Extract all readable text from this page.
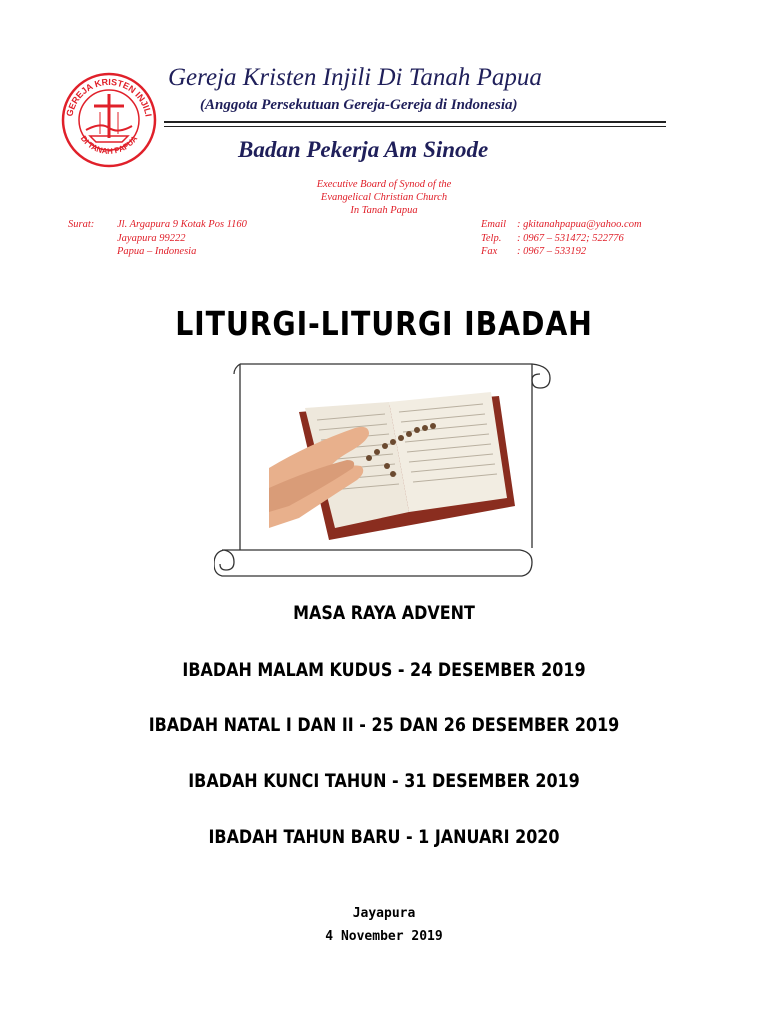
GEREJA KRISTEN INJILI
DI TANAH PAPUA
Gereja Kristen Injili Di Tanah Papua
(Anggota Persekutuan Gereja-Gereja di Indonesia)
Badan Pekerja Am Sinode
Executive Board of Synod of the
Evangelical Christian Church
In Tanah Papua
Surat: Jl. Argapura 9 Kotak Pos 1160
Jayapura 99222
Papua – Indonesia
Email
Telp.
Fax
: gkitanahpapua@yahoo.com
: 0967 – 531472; 522776
: 0967 – 533192
LITURGI-LITURGI IBADAH
MASA RAYA ADVENT
IBADAH MALAM KUDUS - 24 DESEMBER 2019
IBADAH NATAL I DAN II - 25 DAN 26 DESEMBER 2019
IBADAH KUNCI TAHUN - 31 DESEMBER 2019
IBADAH TAHUN BARU - 1 JANUARI 2020
Jayapura
4 November 2019
